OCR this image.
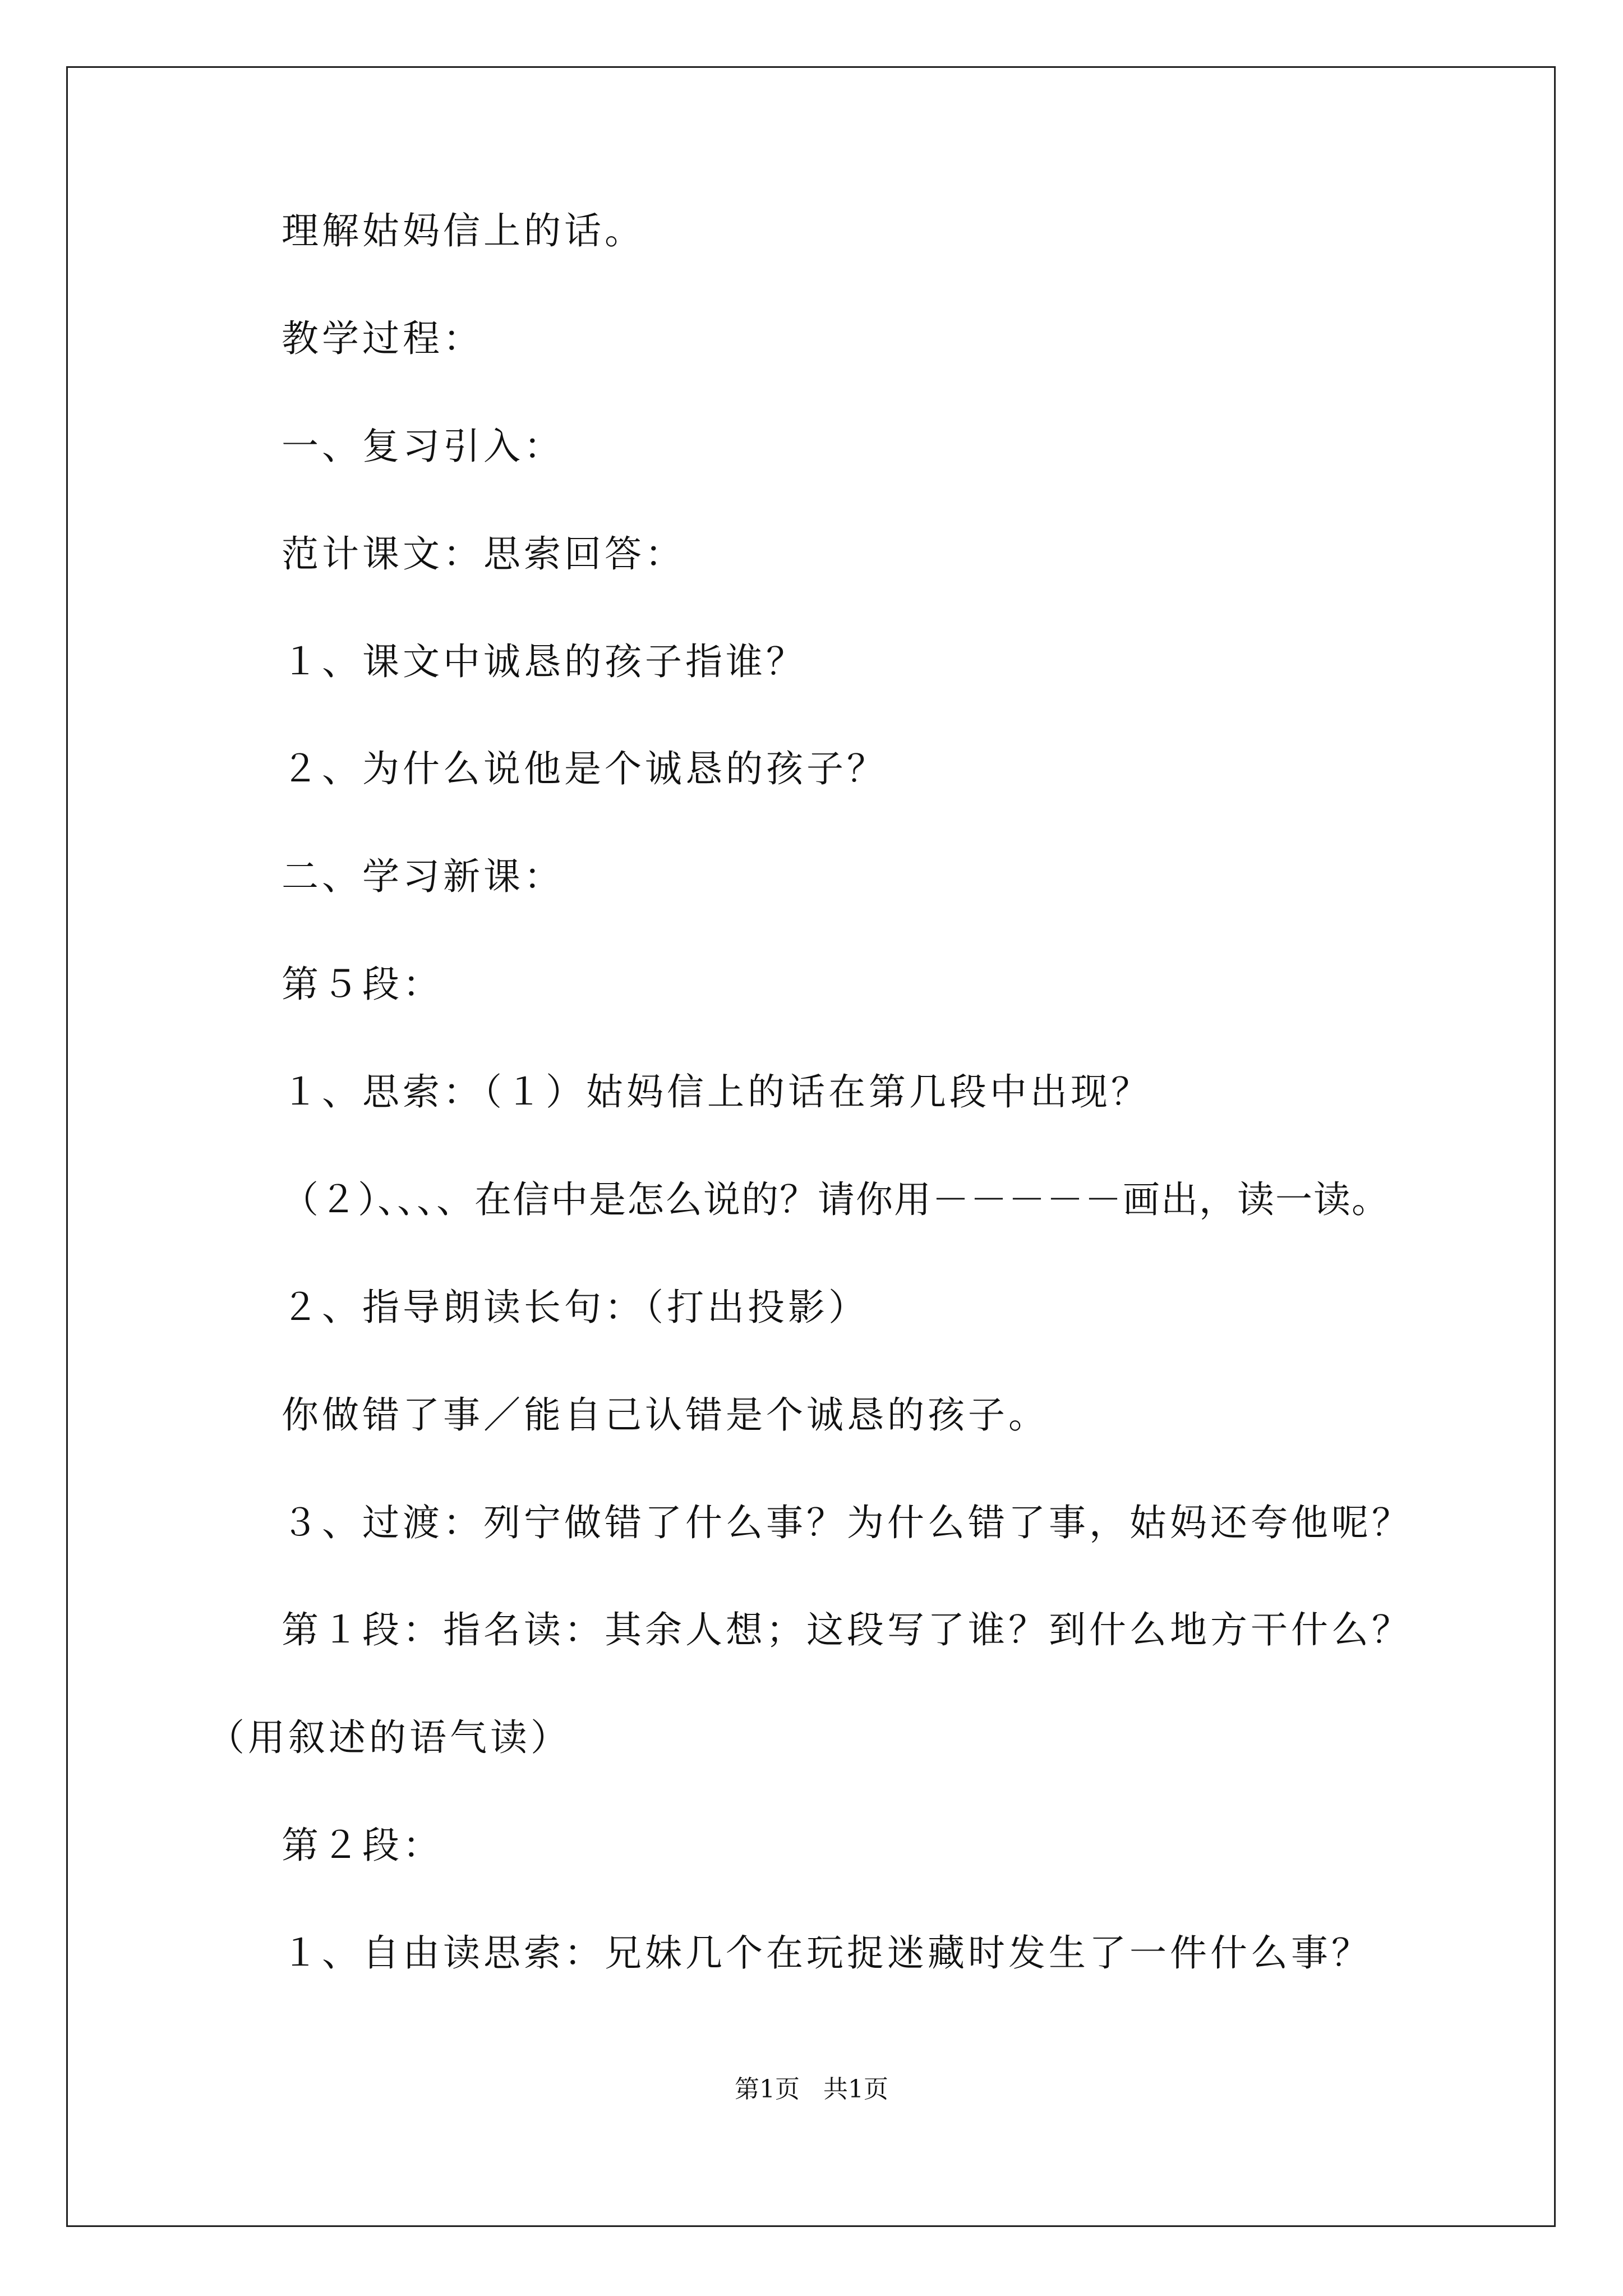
理解姑妈信上的话。
教学过程：
一、复习引入：
范计课文：思索回答：
１、课文中诚恳的孩子指谁？
２、为什么说他是个诚恳的孩子？
二、学习新课：
第５段：
１、思索：（１）姑妈信上的话在第几段中出现？
（２）、、、、在信中是怎么说的？请你用－－－－－画出，读一读。
２、指导朗读长句：（打出投影）
你做错了事／能自己认错是个诚恳的孩子。
３、过渡：列宁做错了什么事？为什么错了事，姑妈还夸他呢？
第１段：指名读：其余人想；这段写了谁？到什么地方干什么？
（用叙述的语气读）
第２段：
１、自由读思索：兄妹几个在玩捉迷藏时发生了一件什么事？
第1页 共1页
